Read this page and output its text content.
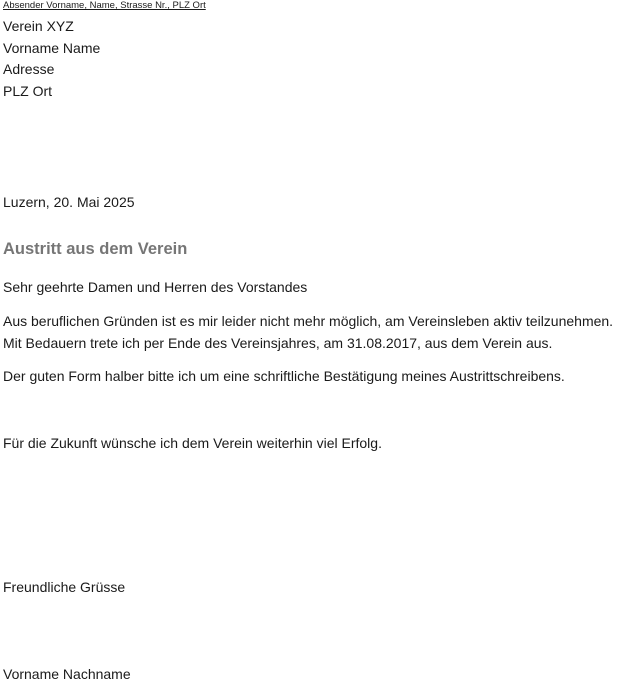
Absender Vorname, Name, Strasse Nr., PLZ Ort
Verein XYZ
Vorname Name
Adresse
PLZ Ort
Luzern, 20. Mai 2025
Austritt aus dem Verein
Sehr geehrte Damen und Herren des Vorstandes
Aus beruflichen Gründen ist es mir leider nicht mehr möglich, am Vereinsleben aktiv teilzunehmen. Mit Bedauern trete ich per Ende des Vereinsjahres, am 31.08.2017, aus dem Verein aus.
Der guten Form halber bitte ich um eine schriftliche Bestätigung meines Austrittschreibens.
Für die Zukunft wünsche ich dem Verein weiterhin viel Erfolg.
Freundliche Grüsse
Vorname Nachname
